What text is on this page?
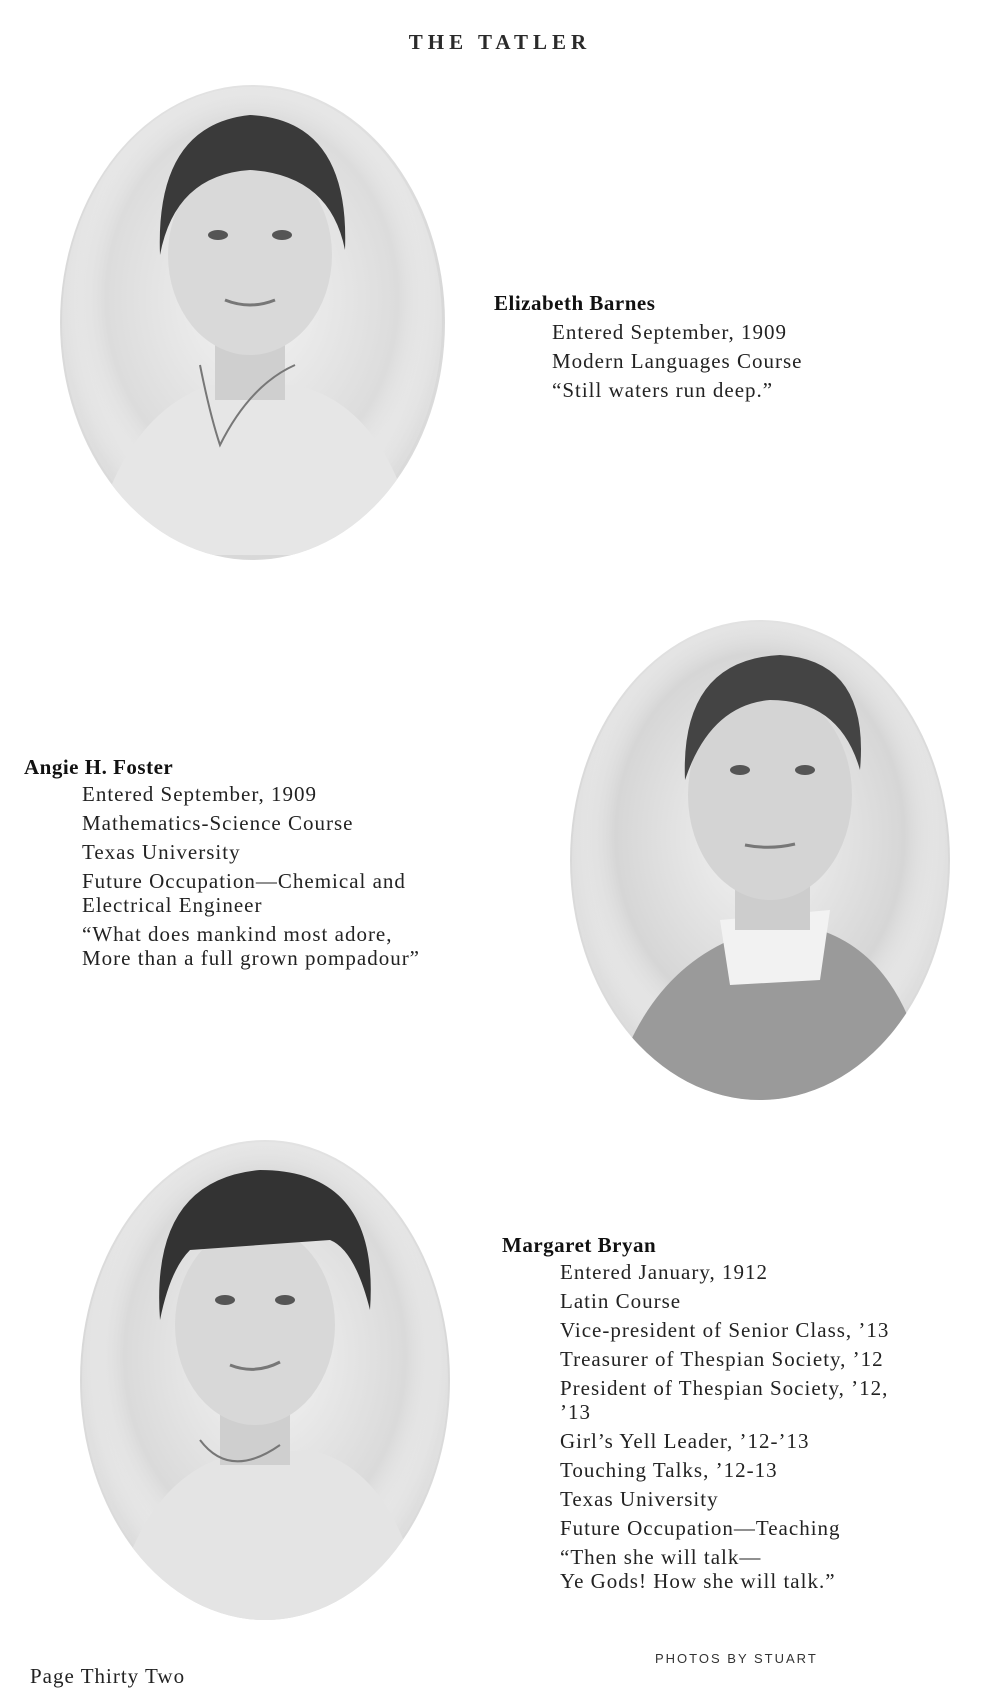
THE TATLER
Elizabeth Barnes
Entered September, 1909
Modern Languages Course
“Still waters run deep.”
Angie H. Foster
Entered September, 1909
Mathematics-Science Course
Texas University
Future Occupation—Chemical and
Electrical Engineer
“What does mankind most adore,
More than a full grown pompadour”
Margaret Bryan
Entered January, 1912
Latin Course
Vice-president of Senior Class, ’13
Treasurer of Thespian Society, ’12
President of Thespian Society, ’12,
’13
Girl’s Yell Leader, ’12-’13
Touching Talks, ’12-13
Texas University
Future Occupation—Teaching
“Then she will talk—
Ye Gods! How she will talk.”
Page Thirty Two
PHOTOS BY STUART
